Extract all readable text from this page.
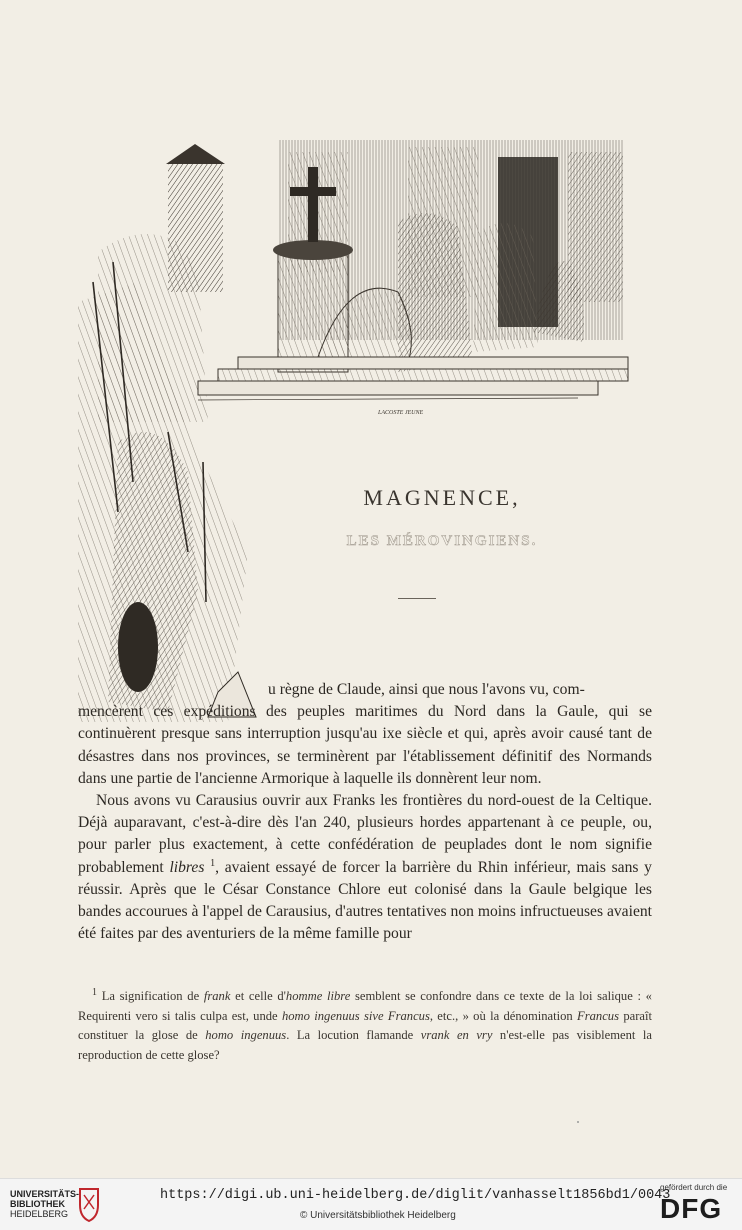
LACOSTE JEUNE
MAGNENCE,
LES MÉROVINGIENS.

u règne de Claude, ainsi que nous l'avons vu, com-
mencèrent ces expéditions des peuples maritimes du Nord dans la Gaule, qui se continuèrent presque sans interruption jusqu'au ixe siècle et qui, après avoir causé tant de désastres dans nos provinces, se terminèrent par l'établissement définitif des Normands dans une partie de l'ancienne Armorique à laquelle ils donnèrent leur nom.

Nous avons vu Carausius ouvrir aux Franks les frontières du nord-ouest de la Celtique. Déjà auparavant, c'est-à-dire dès l'an 240, plusieurs hordes appartenant à ce peuple, ou, pour parler plus exactement, à cette confédération de peuplades dont le nom signifie probablement libres $^1$, avaient essayé de forcer la barrière du Rhin inférieur, mais sans y réussir. Après que le César Constance Chlore eut colonisé dans la Gaule belgique les bandes accourues à l'appel de Carausius, d'autres tentatives non moins infructueuses avaient été faites par des aventuriers de la même famille pour

$^1$ La signification de frank et celle d'homme libre semblent se confondre dans ce texte de la loi salique : « Requirenti vero si talis culpa est, unde homo ingenuus sive Francus, etc., » où la dénomination Francus paraît constituer la glose de homo ingenuus. La locution flamande vrank en vry n'est-elle pas visiblement la reproduction de cette glose?

UNIVERSITÄTS-
BIBLIOTHEK
HEIDELBERG
https://digi.ub.uni-heidelberg.de/diglit/vanhasselt1856bd1/0043
© Universitätsbibliothek Heidelberg
gefördert durch die
DFG
